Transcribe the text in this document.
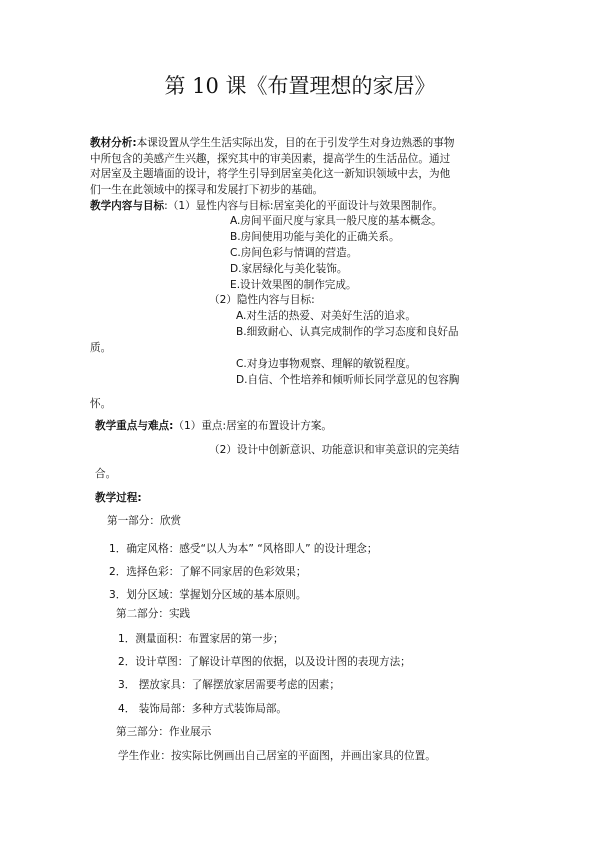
第 10 课《布置理想的家居》
教材分析:本课设置从学生生活实际出发，目的在于引发学生对身边熟悉的事物
中所包含的美感产生兴趣，探究其中的审美因素，提高学生的生活品位。通过
对居室及主题墙面的设计，将学生引导到居室美化这一新知识领域中去，为他
们一生在此领域中的探寻和发展打下初步的基础。
教学内容与目标:（1）显性内容与目标:居室美化的平面设计与效果图制作。
A.房间平面尺度与家具一般尺度的基本概念。
B.房间使用功能与美化的正确关系。
C.房间色彩与情调的营造。
D.家居绿化与美化装饰。
E.设计效果图的制作完成。
（2）隐性内容与目标:
A.对生活的热爱、对美好生活的追求。
B.细致耐心、认真完成制作的学习态度和良好品
质。
C.对身边事物观察、理解的敏锐程度。
D.自信、个性培养和倾听师长同学意见的包容胸
怀。
教学重点与难点:（1）重点:居室的布置设计方案。
（2）设计中创新意识、功能意识和审美意识的完美结
合。
教学过程:
第一部分：欣赏
1．确定风格：感受“以人为本” “风格即人” 的设计理念；
2．选择色彩：了解不同家居的色彩效果；
3．划分区域：掌握划分区域的基本原则。
第二部分：实践
1．测量面积：布置家居的第一步；
2．设计草图：了解设计草图的依据，以及设计图的表现方法；
3． 摆放家具：了解摆放家居需要考虑的因素；
4． 装饰局部：多种方式装饰局部。
第三部分：作业展示
学生作业：按实际比例画出自己居室的平面图，并画出家具的位置。
